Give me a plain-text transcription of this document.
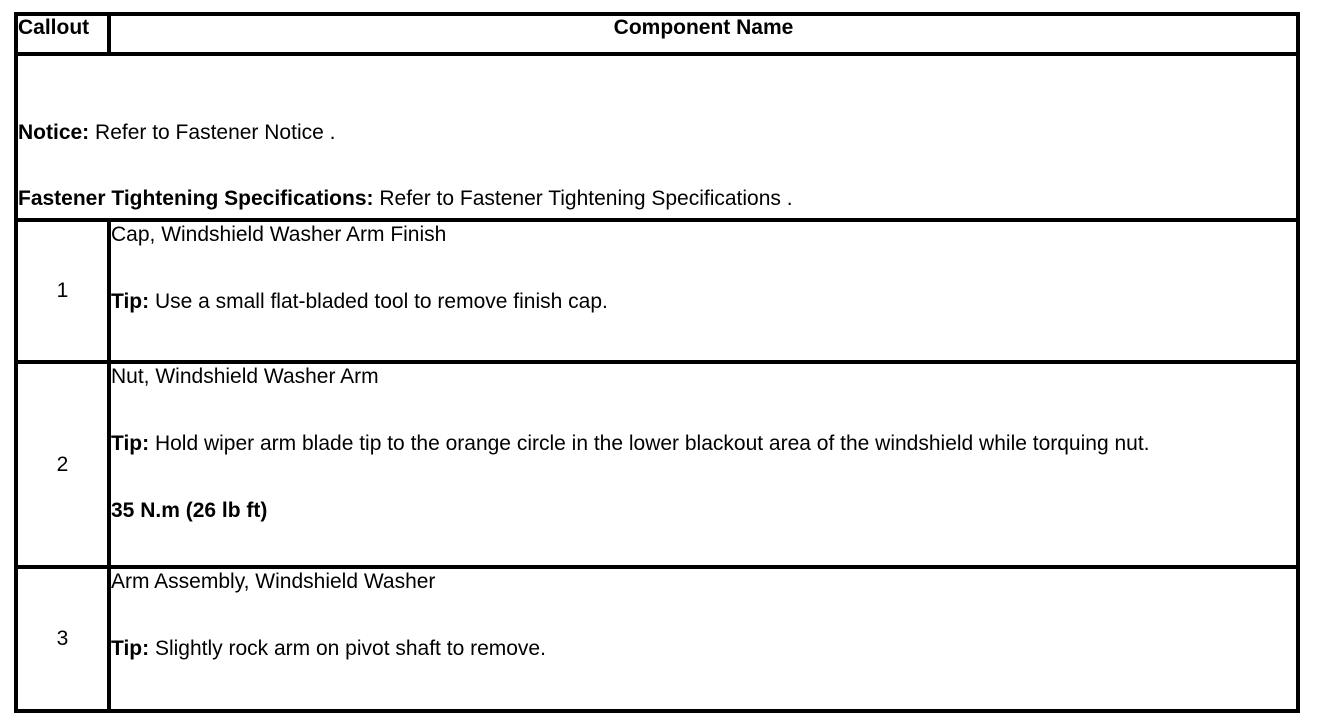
Callout	Component Name

Notice: Refer to Fastener Notice .
Fastener Tightening Specifications: Refer to Fastener Tightening Specifications .	

1	Cap, Windshield Washer Arm Finish
Tip: Use a small flat-bladed tool to remove finish cap.

2	Nut, Windshield Washer Arm
Tip: Hold wiper arm blade tip to the orange circle in the lower blackout area of the windshield while torquing nut.
35 N.m (26 lb ft)

3	Arm Assembly, Windshield Washer
Tip: Slightly rock arm on pivot shaft to remove.
